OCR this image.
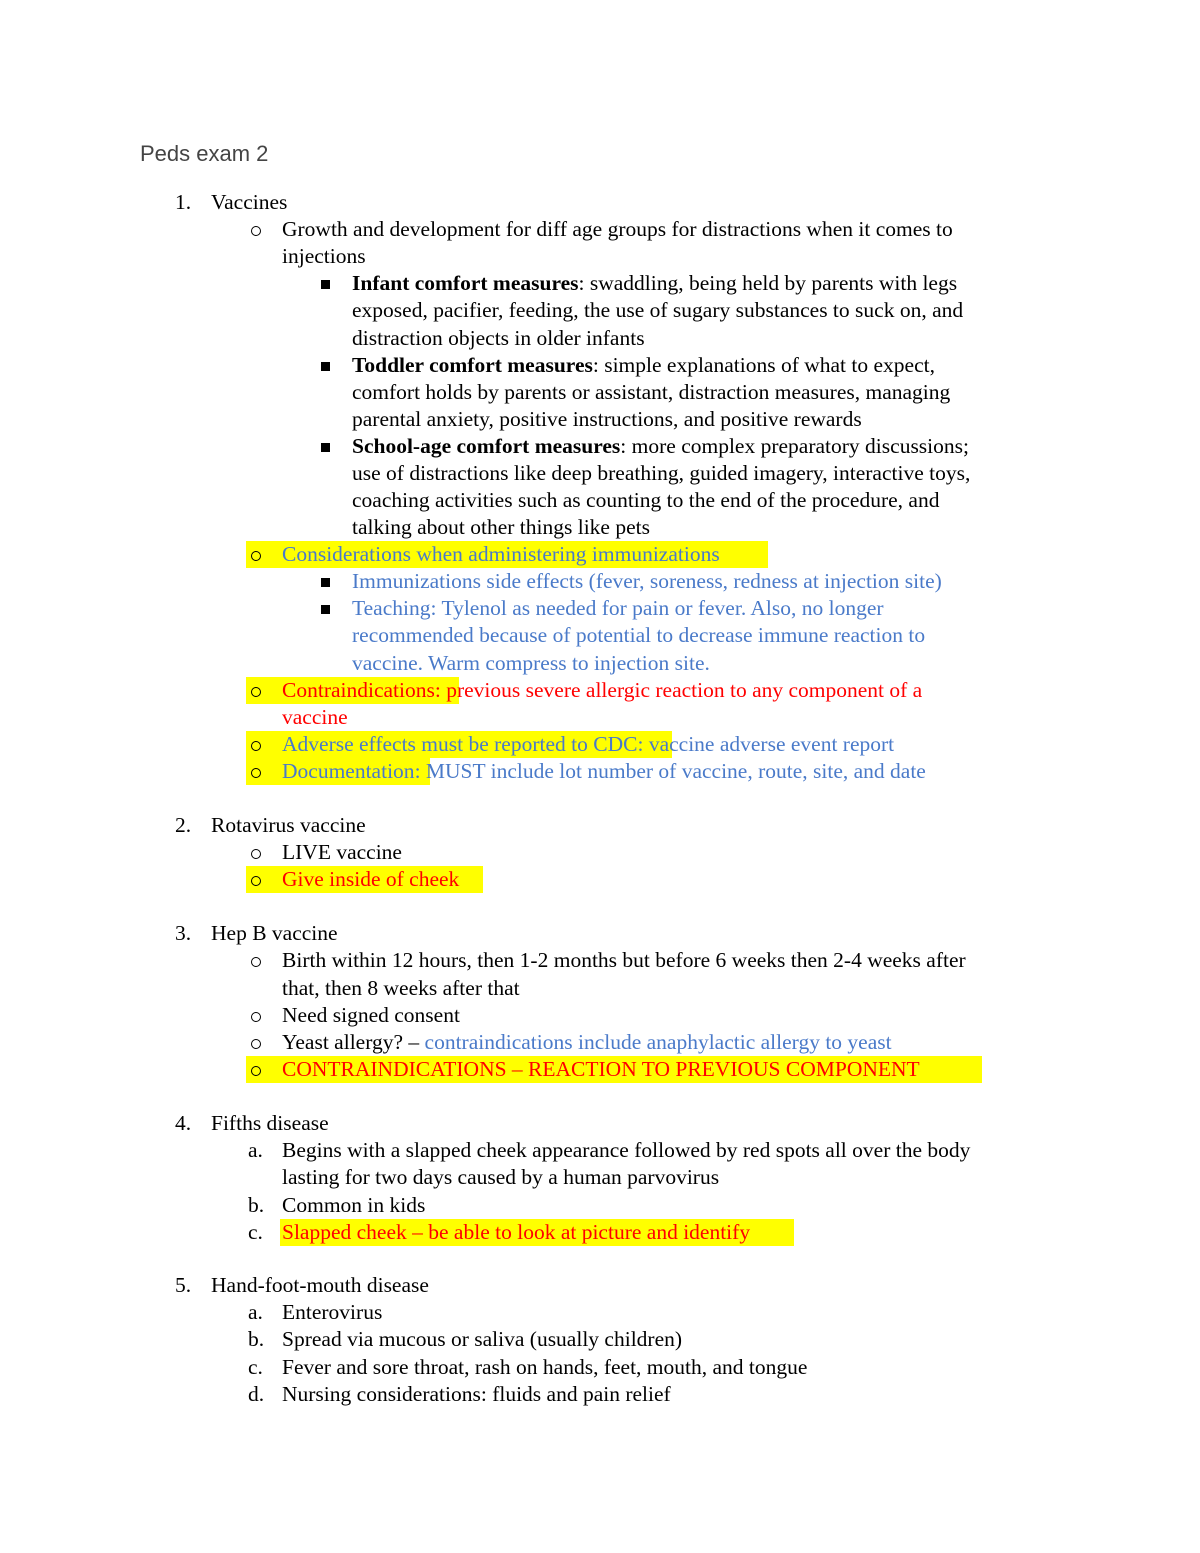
Peds exam 2
1. Vaccines
Growth and development for diff age groups for distractions when it comes to
injections
Infant comfort measures: swaddling, being held by parents with legs
exposed, pacifier, feeding, the use of sugary substances to suck on, and
distraction objects in older infants
Toddler comfort measures: simple explanations of what to expect,
comfort holds by parents or assistant, distraction measures, managing
parental anxiety, positive instructions, and positive rewards
School-age comfort measures: more complex preparatory discussions;
use of distractions like deep breathing, guided imagery, interactive toys,
coaching activities such as counting to the end of the procedure, and
talking about other things like pets
Considerations when administering immunizations
Immunizations side effects (fever, soreness, redness at injection site)
Teaching: Tylenol as needed for pain or fever. Also, no longer
recommended because of potential to decrease immune reaction to
vaccine. Warm compress to injection site.
Contraindications: previous severe allergic reaction to any component of a
vaccine
Adverse effects must be reported to CDC: vaccine adverse event report
Documentation: MUST include lot number of vaccine, route, site, and date
2. Rotavirus vaccine
LIVE vaccine
Give inside of cheek
3. Hep B vaccine
Birth within 12 hours, then 1-2 months but before 6 weeks then 2-4 weeks after
that, then 8 weeks after that
Need signed consent
Yeast allergy? – contraindications include anaphylactic allergy to yeast
CONTRAINDICATIONS – REACTION TO PREVIOUS COMPONENT
4. Fifths disease
a. Begins with a slapped cheek appearance followed by red spots all over the body
lasting for two days caused by a human parvovirus
b. Common in kids
c. Slapped cheek – be able to look at picture and identify
5. Hand-foot-mouth disease
a. Enterovirus
b. Spread via mucous or saliva (usually children)
c. Fever and sore throat, rash on hands, feet, mouth, and tongue
d. Nursing considerations: fluids and pain relief
